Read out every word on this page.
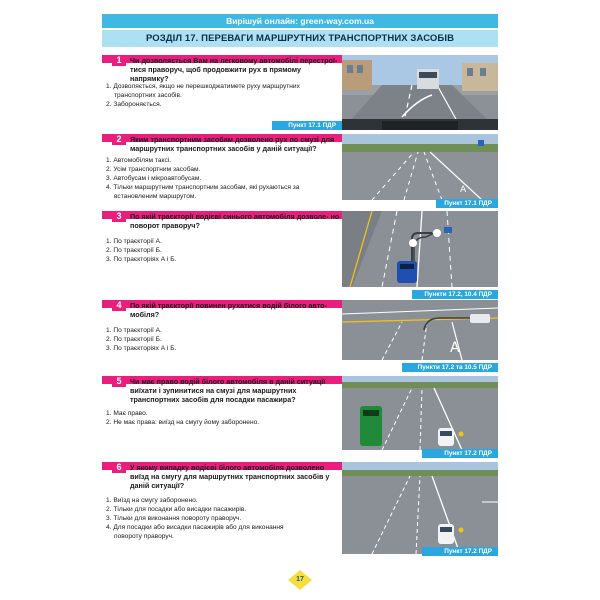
Вирішуй онлайн: green-way.com.ua
РОЗДІЛ 17. ПЕРЕВАГИ МАРШРУТНИХ ТРАНСПОРТНИХ ЗАСОБІВ
1	Чи дозволяється Вам на легковому автомобілі перестрої- тися праворуч, щоб продовжити рух в прямому напрямку?
1. Дозволяється, якщо не перешкоджатимете руху маршрутних
транспортних засобів.
2. Забороняється.
Пункт 17.1 ПДР
2	Яким транспортним засобам дозволено рух по смузі для маршрутних транспортних засобів у даній ситуації?
1. Автомобілям таксі.
2. Усім транспортним засобам.
3. Автобусам і мікроавтобусам.
4. Тільки маршрутним транспортним засобам, які рухаються за
встановленим маршрутом.
A
Пункт 17.1 ПДР
3	По якій траєкторії водієві синього автомобіля дозволе- но поворот праворуч?
1. По траєкторії А.
2. По траєкторії Б.
3. По траєкторіях А і Б.
Пункти 17.2, 10.4 ПДР
4	По якій траєкторії повинен рухатися водій білого авто- мобіля?
1. По траєкторії А.
2. По траєкторії Б.
3. По траєкторіях А і Б.	A
Пункти 17.2 та 10.5 ПДР
5	Чи має право водій білого автомобіля в даній ситуації виїхати і зупинитися на смузі для маршрутних транспортних засобів для посадки пасажира?
1. Має право.
2. Не має права: виїзд на смугу йому заборонено.
Пункт 17.2 ПДР
6	У якому випадку водієві білого автомобіля дозволено виїзд на смугу для маршрутних транспортних засобів у даній ситуації?
1. Виїзд на смугу заборонено.
2. Тільки для посадки або висадки пасажирів.
3. Тільки для виконання повороту праворуч.
4. Для посадки або висадки пасажирів або для виконання
повороту праворуч.
Пункт 17.2 ПДР
17
